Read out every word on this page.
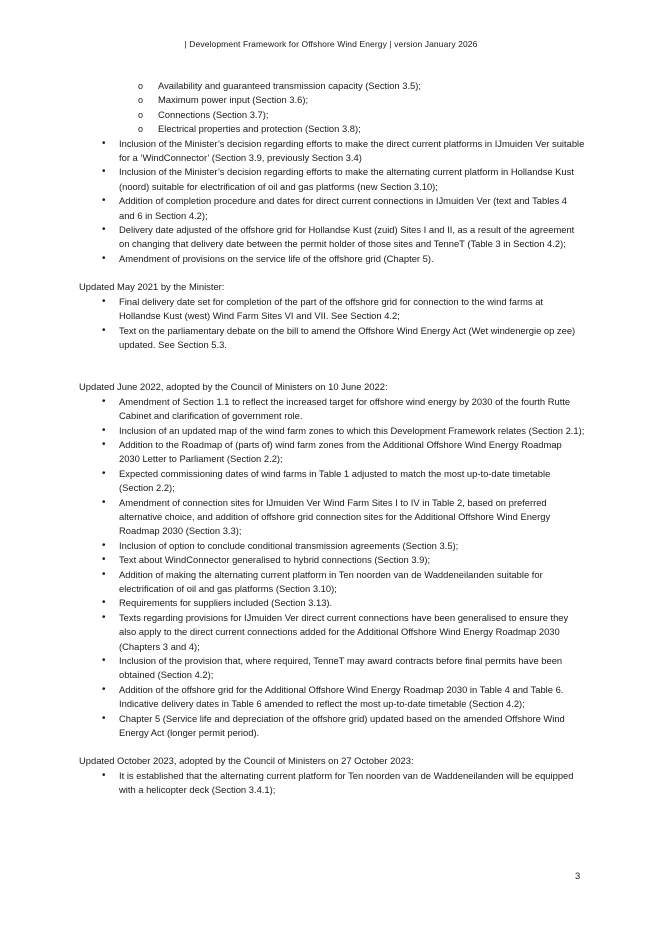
| Development Framework for Offshore Wind Energy | version January 2026
o Availability and guaranteed transmission capacity (Section 3.5);
o Maximum power input (Section 3.6);
o Connections (Section 3.7);
o Electrical properties and protection (Section 3.8);
• Inclusion of the Minister’s decision regarding efforts to make the direct current platforms in IJmuiden Ver suitable for a ‘WindConnector’ (Section 3.9, previously Section 3.4)
• Inclusion of the Minister’s decision regarding efforts to make the alternating current platform in Hollandse Kust (noord) suitable for electrification of oil and gas platforms (new Section 3.10);
• Addition of completion procedure and dates for direct current connections in IJmuiden Ver (text and Tables 4 and 6 in Section 4.2);
• Delivery date adjusted of the offshore grid for Hollandse Kust (zuid) Sites I and II, as a result of the agreement on changing that delivery date between the permit holder of those sites and TenneT (Table 3 in Section 4.2);
• Amendment of provisions on the service life of the offshore grid (Chapter 5).

Updated May 2021 by the Minister:

• Final delivery date set for completion of the part of the offshore grid for connection to the wind farms at Hollandse Kust (west) Wind Farm Sites VI and VII. See Section 4.2;
• Text on the parliamentary debate on the bill to amend the Offshore Wind Energy Act (Wet windenergie op zee) updated. See Section 5.3.

Updated June 2022, adopted by the Council of Ministers on 10 June 2022:

• Amendment of Section 1.1 to reflect the increased target for offshore wind energy by 2030 of the fourth Rutte Cabinet and clarification of government role.
• Inclusion of an updated map of the wind farm zones to which this Development Framework relates (Section 2.1);
• Addition to the Roadmap of (parts of) wind farm zones from the Additional Offshore Wind Energy Roadmap 2030 Letter to Parliament (Section 2.2);
• Expected commissioning dates of wind farms in Table 1 adjusted to match the most up-to-date timetable (Section 2.2);
• Amendment of connection sites for IJmuiden Ver Wind Farm Sites I to IV in Table 2, based on preferred alternative choice, and addition of offshore grid connection sites for the Additional Offshore Wind Energy Roadmap 2030 (Section 3.3);
• Inclusion of option to conclude conditional transmission agreements (Section 3.5);
• Text about WindConnector generalised to hybrid connections (Section 3.9);
• Addition of making the alternating current platform in Ten noorden van de Waddeneilanden suitable for electrification of oil and gas platforms (Section 3.10);
• Requirements for suppliers included (Section 3.13).
• Texts regarding provisions for IJmuiden Ver direct current connections have been generalised to ensure they also apply to the direct current connections added for the Additional Offshore Wind Energy Roadmap 2030 (Chapters 3 and 4);
• Inclusion of the provision that, where required, TenneT may award contracts before final permits have been obtained (Section 4.2);
• Addition of the offshore grid for the Additional Offshore Wind Energy Roadmap 2030 in Table 4 and Table 6. Indicative delivery dates in Table 6 amended to reflect the most up-to-date timetable (Section 4.2);
• Chapter 5 (Service life and depreciation of the offshore grid) updated based on the amended Offshore Wind Energy Act (longer permit period).

Updated October 2023, adopted by the Council of Ministers on 27 October 2023:

• It is established that the alternating current platform for Ten noorden van de Waddeneilanden will be equipped with a helicopter deck (Section 3.4.1);
3
